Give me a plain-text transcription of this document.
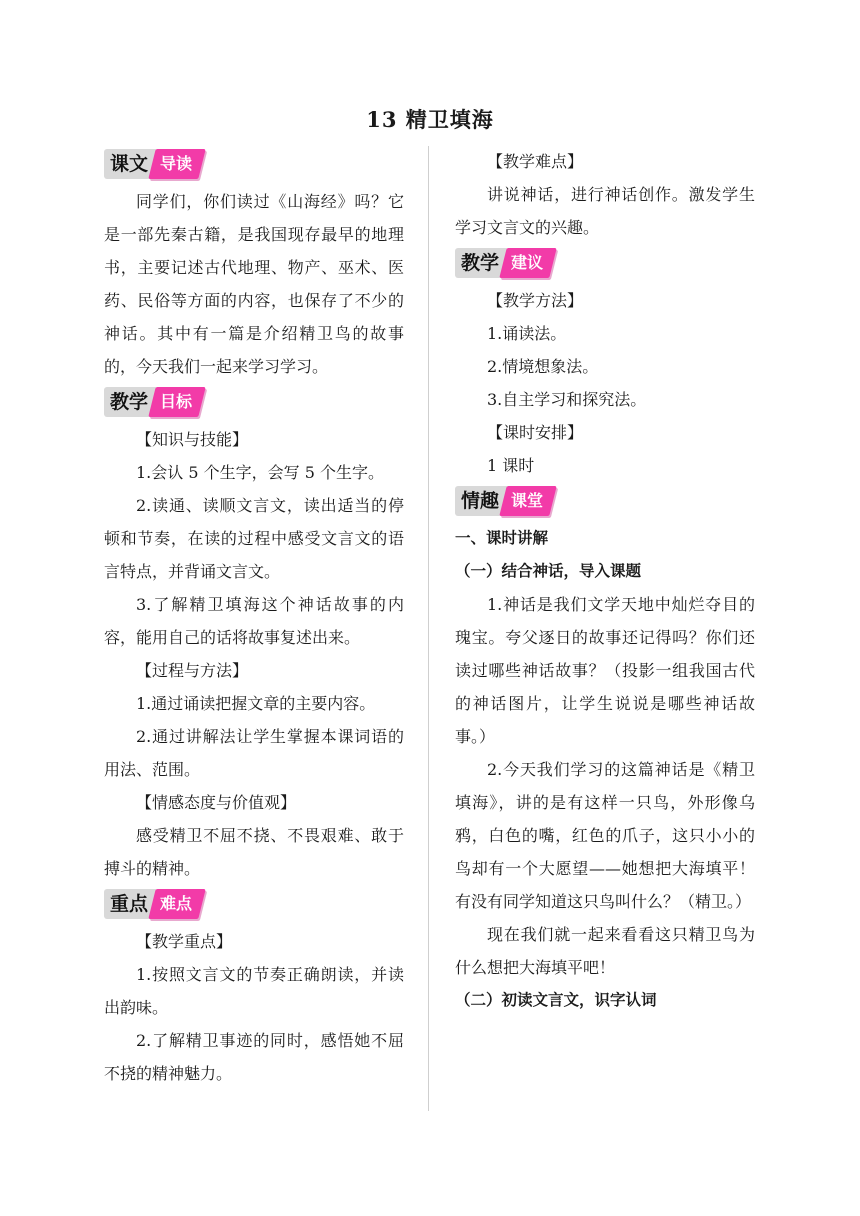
13 精卫填海
课文 导读

同学们，你们读过《山海经》吗？它是一部先秦古籍，是我国现存最早的地理书，主要记述古代地理、物产、巫术、医药、民俗等方面的内容，也保存了不少的神话。其中有一篇是介绍精卫鸟的故事的，今天我们一起来学习学习。

教学 目标

【知识与技能】

1.会认 5 个生字，会写 5 个生字。

2.读通、读顺文言文，读出适当的停顿和节奏，在读的过程中感受文言文的语言特点，并背诵文言文。

3.了解精卫填海这个神话故事的内容，能用自己的话将故事复述出来。

【过程与方法】

1.通过诵读把握文章的主要内容。

2.通过讲解法让学生掌握本课词语的用法、范围。

【情感态度与价值观】

感受精卫不屈不挠、不畏艰难、敢于搏斗的精神。

重点 难点

【教学重点】

1.按照文言文的节奏正确朗读，并读出韵味。

2.了解精卫事迹的同时，感悟她不屈不挠的精神魅力。

【教学难点】

讲说神话，进行神话创作。激发学生学习文言文的兴趣。

教学 建议

【教学方法】

1.诵读法。

2.情境想象法。

3.自主学习和探究法。

【课时安排】

1 课时

情趣 课堂

一、课时讲解

（一）结合神话，导入课题

1.神话是我们文学天地中灿烂夺目的瑰宝。夸父逐日的故事还记得吗？你们还读过哪些神话故事？（投影一组我国古代的神话图片，让学生说说是哪些神话故事。）

2.今天我们学习的这篇神话是《精卫填海》，讲的是有这样一只鸟，外形像乌鸦，白色的嘴，红色的爪子，这只小小的鸟却有一个大愿望——她想把大海填平！有没有同学知道这只鸟叫什么？（精卫。）

现在我们就一起来看看这只精卫鸟为什么想把大海填平吧！

（二）初读文言文，识字认词
